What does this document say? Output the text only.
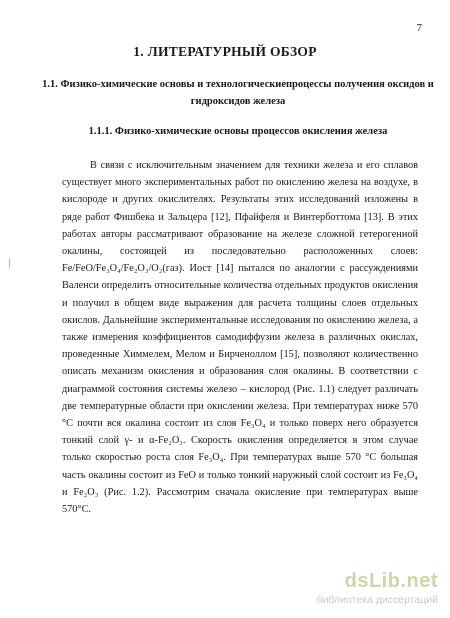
7
1. ЛИТЕРАТУРНЫЙ ОБЗОР
1.1. Физико-химические основы и технологическиепроцессы получения оксидов и гидроксидов железа
1.1.1. Физико-химические основы процессов окисления железа

В связи с исключительным значением для техники железа и его сплавов существует много экспериментальных работ по окислению железа на воздухе, в кислороде и других окислителях. Результаты этих исследований изложены в ряде работ Фишбека и Зальцера [12], Пфайфеля и Винтерботтома [13]. В этих работах авторы рассматривают образование на железе сложной гетерогенной окалины, состоящей из последовательно расположенных слоев: Fe/FeO/Fe₃O₄/Fe₂O₃/O₂(газ). Иост [14] пытался по аналогии с рассуждениями Валенси определить относительные количества отдельных продуктов окисления и получил в общем виде выражения для расчета толщины слоев отдельных окислов. Дальнейшие экспериментальные исследования по окислению железа, а также измерения коэффициентов самодиффузии железа в различных окислах, проведенные Химмелем, Мелом и Бирченоллом [15], позволяют количественно описать механизм окисления и образования слоя окалины. В соответствии с диаграммой состояния системы железо – кислород (Рис. 1.1) следует различать две температурные области при окислении железа. При температурах ниже 570 °С почти вся окалина состоит из слоя Fe₃O₄ и только поверх него образуется тонкий слой γ- и α-Fe₂O₃. Скорость окисления определяется в этом случае только скоростью роста слоя Fe₃O₄. При температурах выше 570 °С большая часть окалины состоит из FeO и только тонкий наружный слой состоит из Fe₃O₄ и Fe₂O₃ (Рис. 1.2). Рассмотрим сначала окисление при температурах выше 570°С.

dsLib.net
библиотека диссертаций
